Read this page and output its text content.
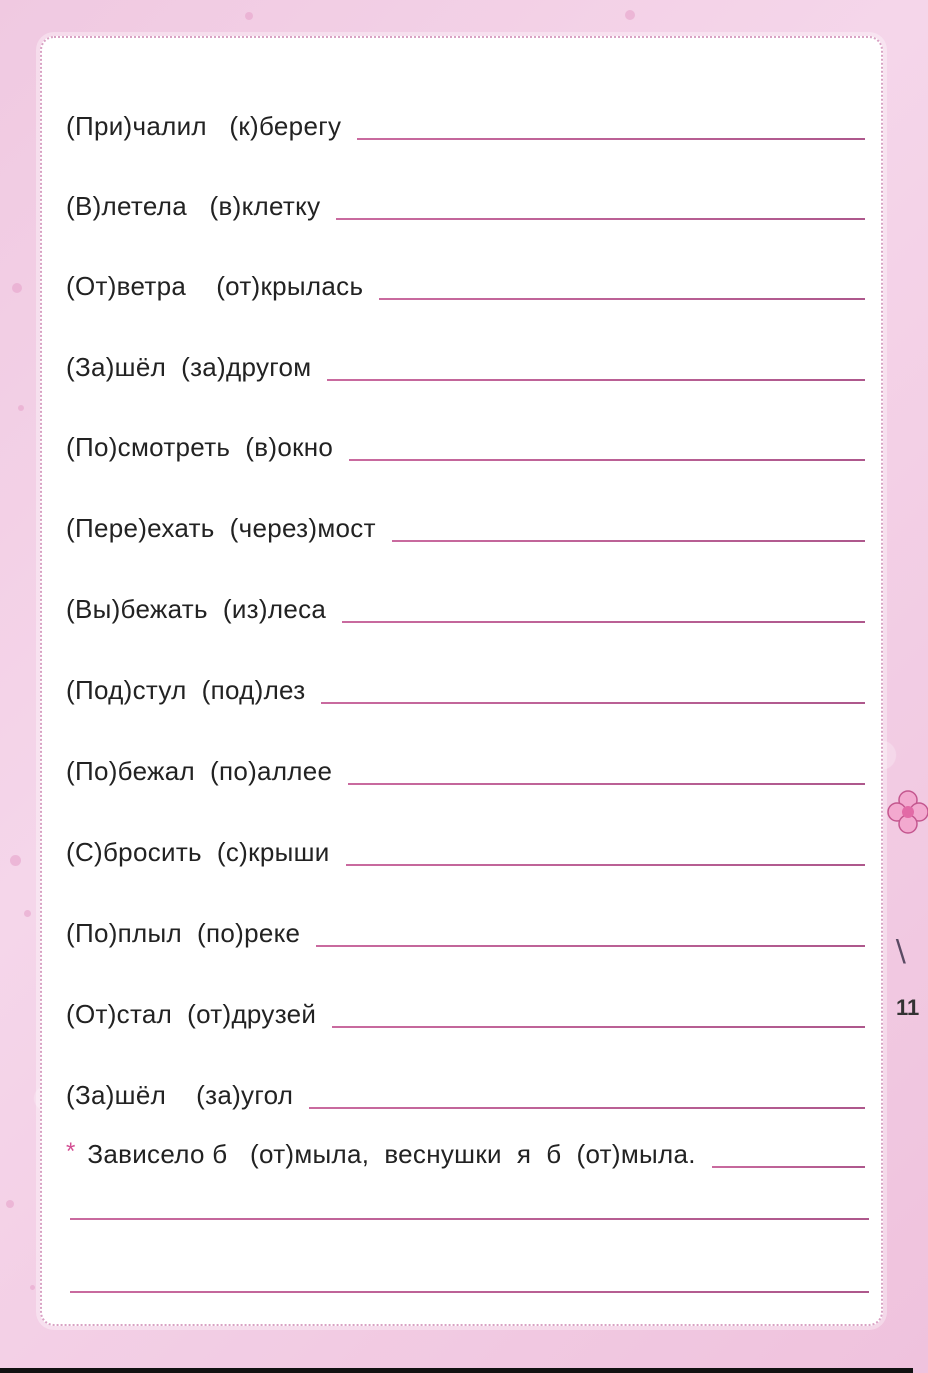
(При)чалил   (к)берегу
(В)летела   (в)клетку
(От)ветра    (от)крылась
(За)шёл  (за)другом
(По)смотреть  (в)окно
(Пере)ехать  (через)мост
(Вы)бежать  (из)леса
(Под)стул  (под)лез
(По)бежал  (по)аллее
(С)бросить  (с)крыши
(По)плыл  (по)реке
(От)стал  (от)друзей
(За)шёл    (за)угол
* Зависело б   (от)мыла,  веснушки  я  б  (от)мыла.
∖
11
